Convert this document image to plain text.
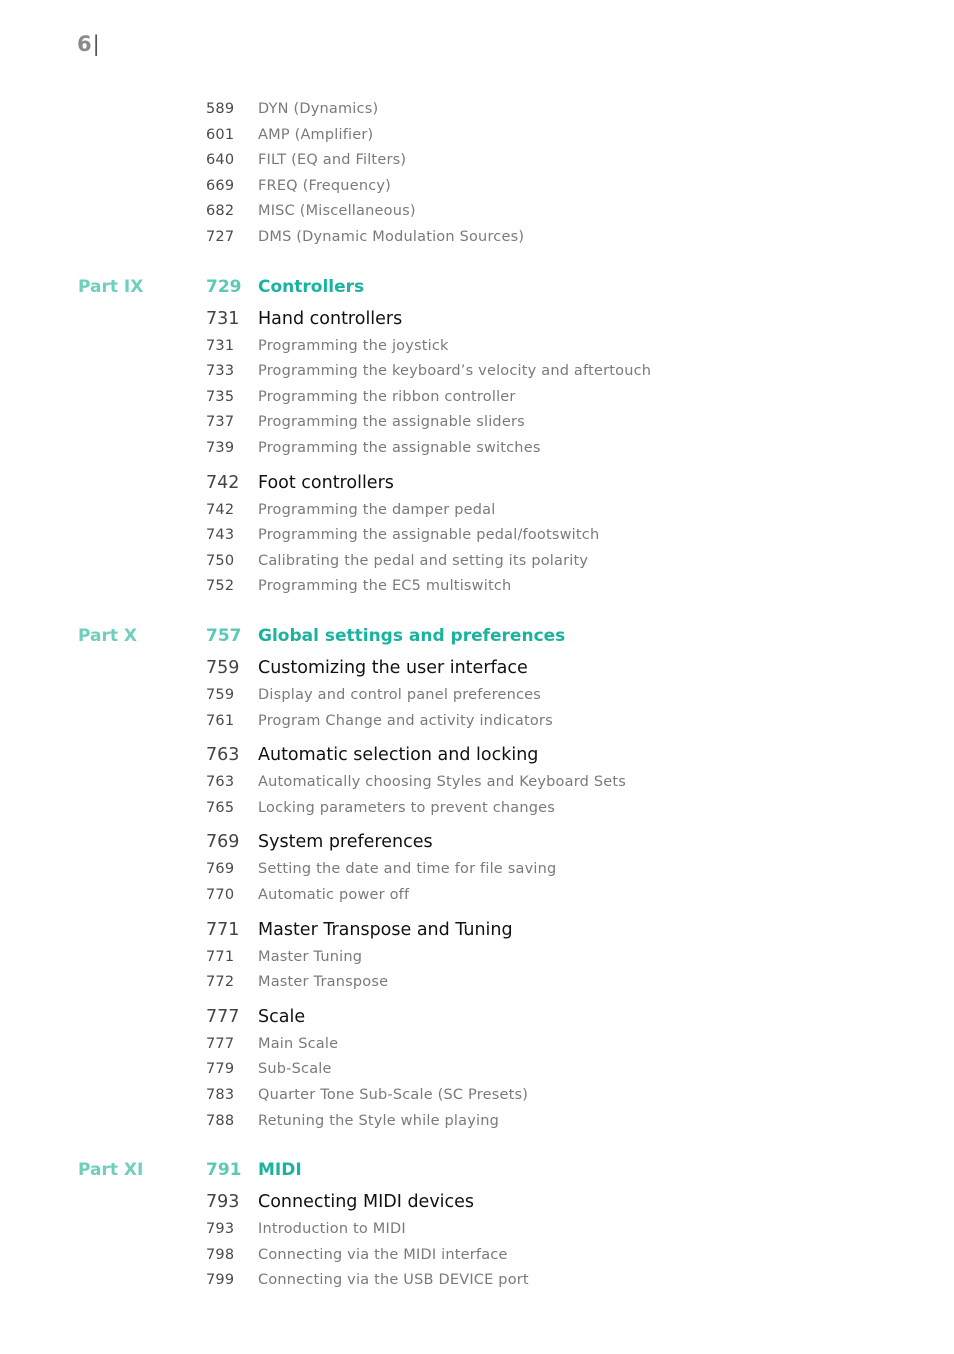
6|
589 DYN (Dynamics)
601 AMP (Amplifier)
640 FILT (EQ and Filters)
669 FREQ (Frequency)
682 MISC (Miscellaneous)
727 DMS (Dynamic Modulation Sources)
Part IX	729 Controllers
731 Hand controllers
731 Programming the joystick
733 Programming the keyboard’s velocity and aftertouch
735 Programming the ribbon controller
737 Programming the assignable sliders
739 Programming the assignable switches
742 Foot controllers
742 Programming the damper pedal
743 Programming the assignable pedal/footswitch
750 Calibrating the pedal and setting its polarity
752 Programming the EC5 multiswitch
Part X	757 Global settings and preferences
759 Customizing the user interface
759 Display and control panel preferences
761 Program Change and activity indicators
763 Automatic selection and locking
763 Automatically choosing Styles and Keyboard Sets
765 Locking parameters to prevent changes
769 System preferences
769 Setting the date and time for file saving
770 Automatic power off
771 Master Transpose and Tuning
771 Master Tuning
772 Master Transpose
777 Scale
777 Main Scale
779 Sub-Scale
783 Quarter Tone Sub-Scale (SC Presets)
788 Retuning the Style while playing
Part XI	791 MIDI
793 Connecting MIDI devices
793 Introduction to MIDI
798 Connecting via the MIDI interface
799 Connecting via the USB DEVICE port
